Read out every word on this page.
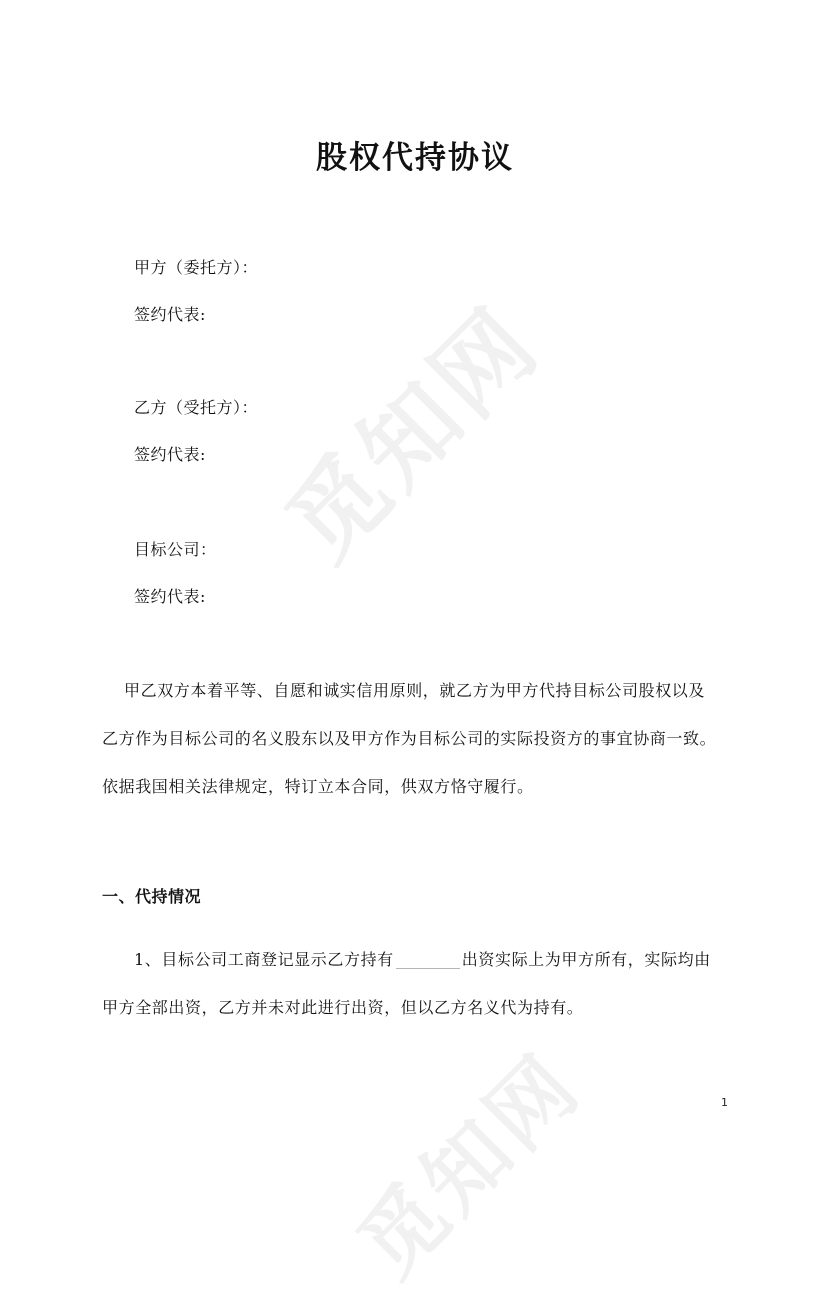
觅知网
觅知网
股权代持协议
甲方（委托方）：
签约代表:
乙方（受托方）：
签约代表:
目标公司：
签约代表:
甲乙双方本着平等、自愿和诚实信用原则，就乙方为甲方代持目标公司股权以及
乙方作为目标公司的名义股东以及甲方作为目标公司的实际投资方的事宜协商一致。
依据我国相关法律规定，特订立本合同，供双方恪守履行。
一、代持情况
1、目标公司工商登记显示乙方持有	出资实际上为甲方所有，实际均由
甲方全部出资，乙方并未对此进行出资，但以乙方名义代为持有。
1
